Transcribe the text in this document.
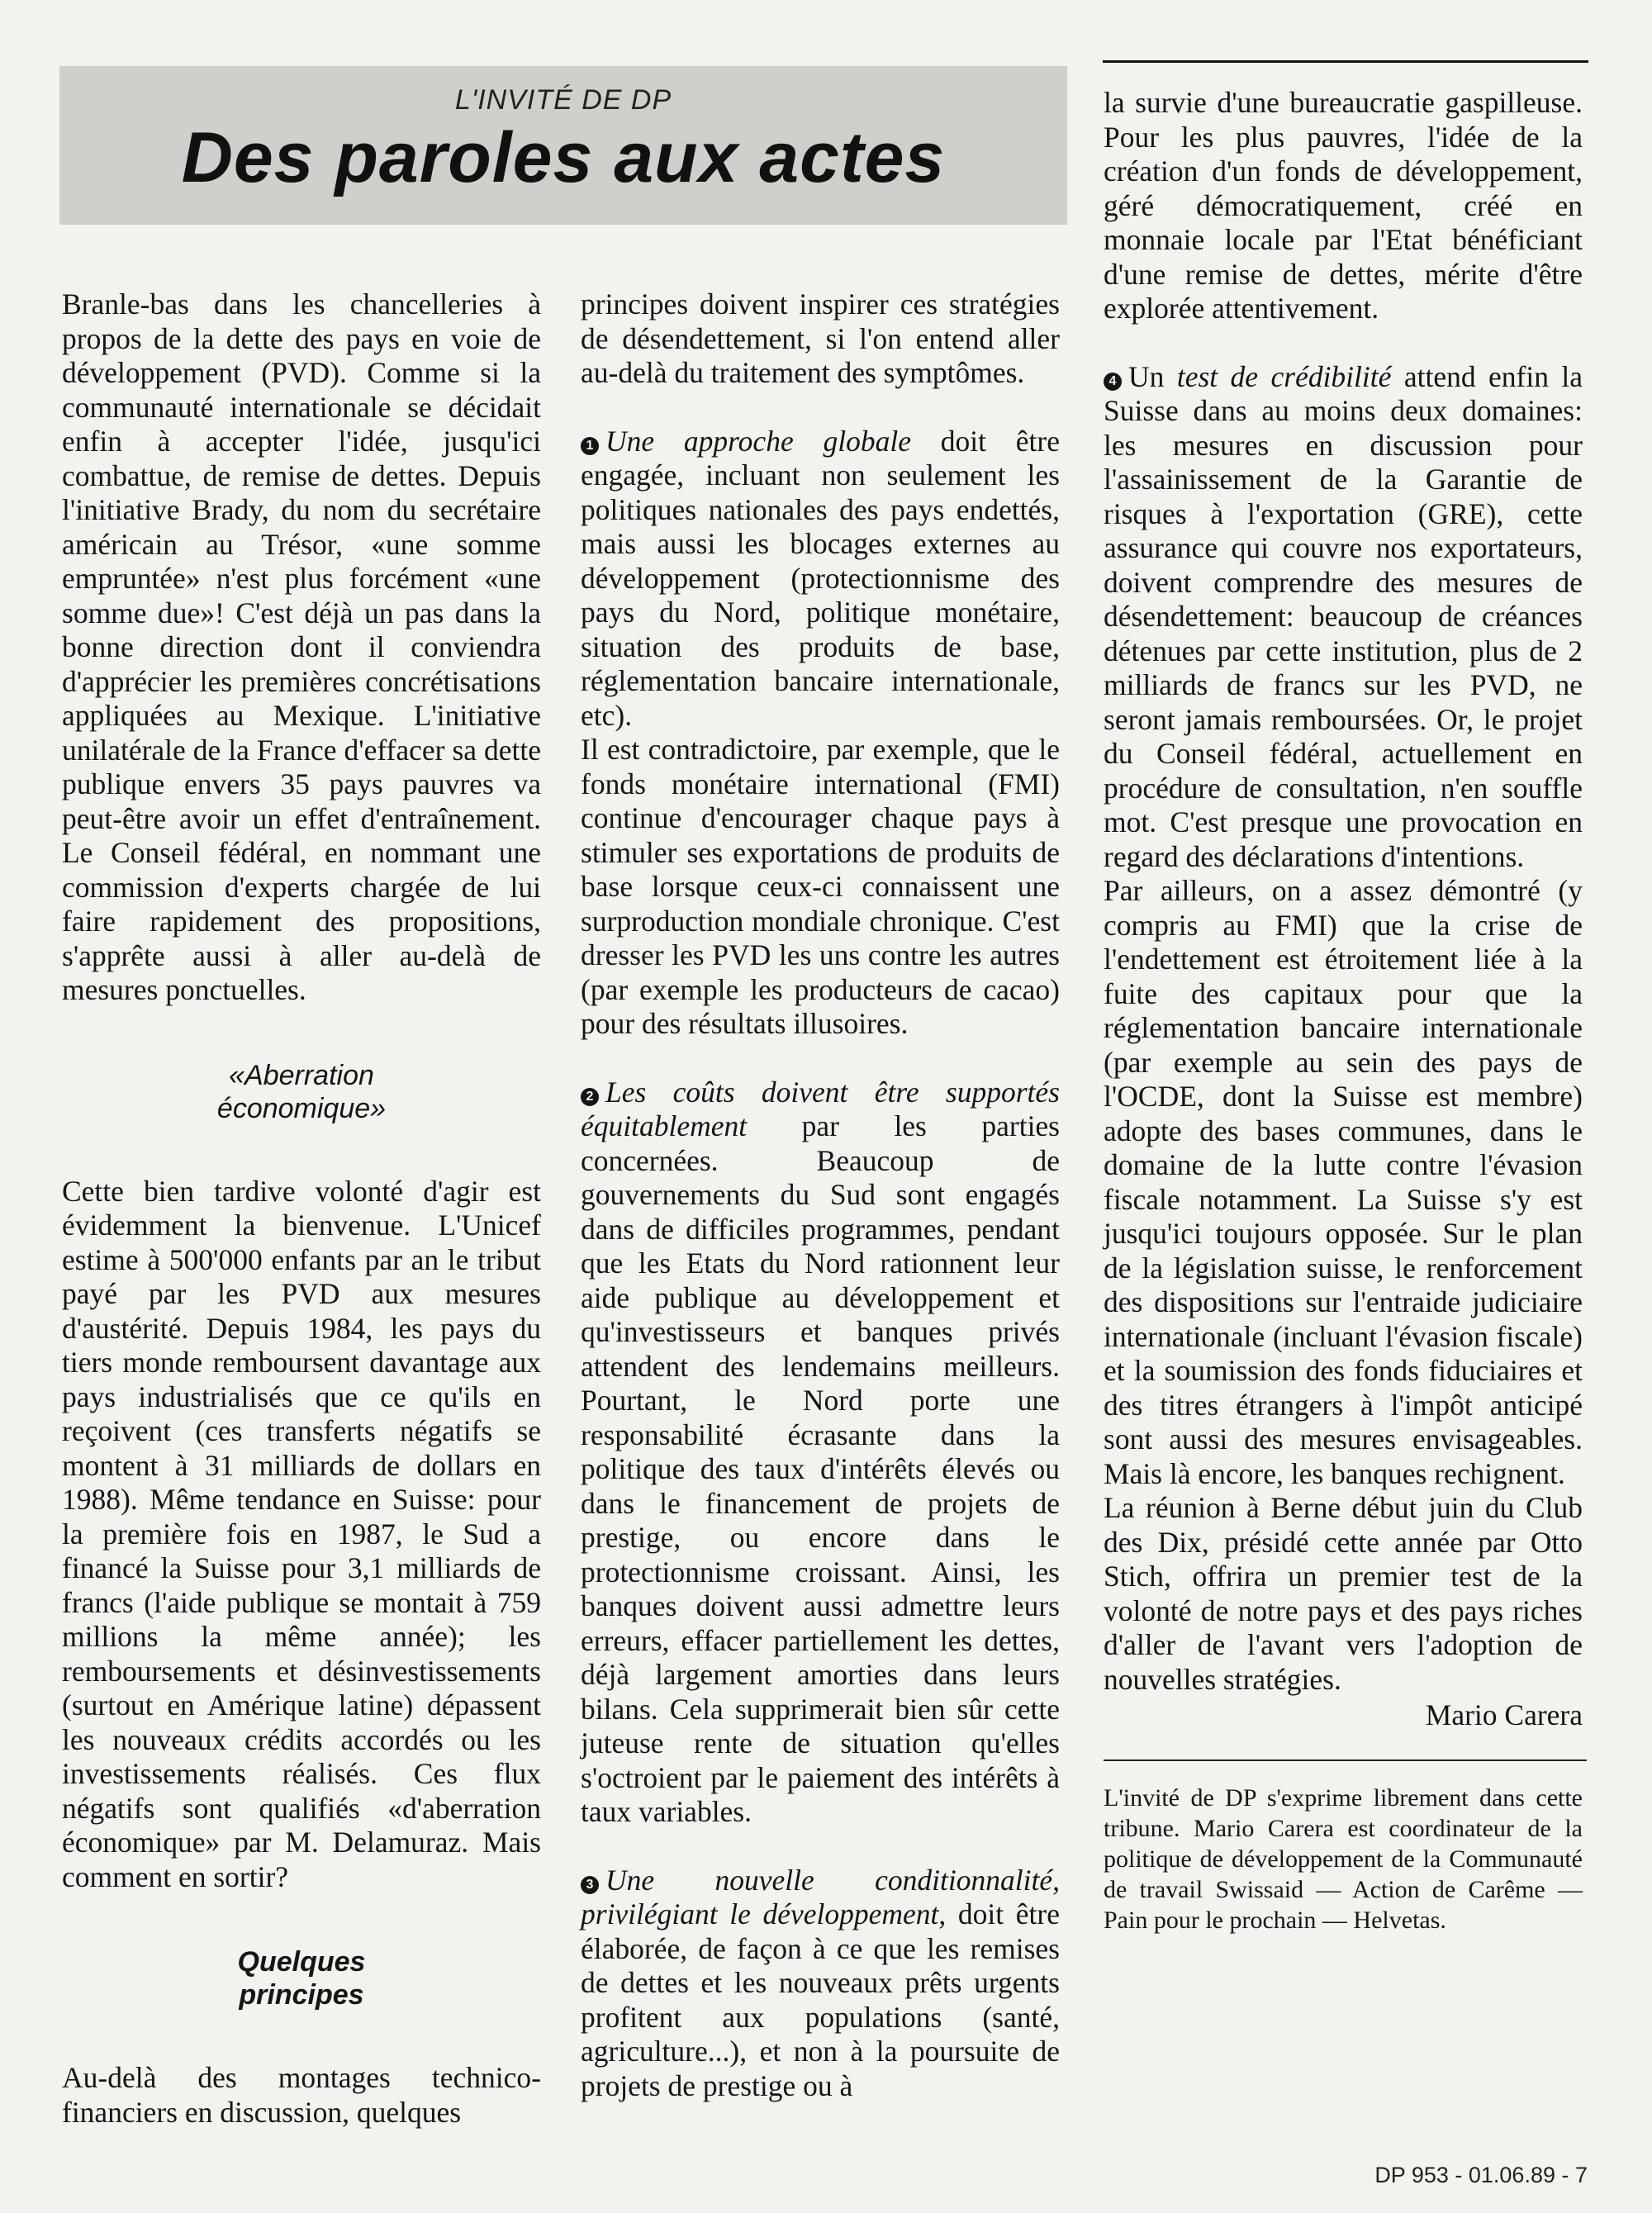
L'INVITÉ DE DP
Des paroles aux actes

Branle-bas dans les chancelleries à propos de la dette des pays en voie de développement (PVD). Comme si la communauté internationale se décidait enfin à accepter l'idée, jusqu'ici combattue, de remise de dettes. Depuis l'initiative Brady, du nom du secrétaire américain au Trésor, «une somme empruntée» n'est plus forcément «une somme due»! C'est déjà un pas dans la bonne direction dont il conviendra d'apprécier les premières concrétisations appliquées au Mexique. L'initiative unilatérale de la France d'effacer sa dette publique envers 35 pays pauvres va peut-être avoir un effet d'entraînement. Le Conseil fédéral, en nommant une commission d'experts chargée de lui faire rapidement des propositions, s'apprête aussi à aller au-delà de mesures ponctuelles.

«Aberration
économique»

Cette bien tardive volonté d'agir est évidemment la bienvenue. L'Unicef estime à 500'000 enfants par an le tribut payé par les PVD aux mesures d'austérité. Depuis 1984, les pays du tiers monde remboursent davantage aux pays industrialisés que ce qu'ils en reçoivent (ces transferts négatifs se montent à 31 milliards de dollars en 1988). Même tendance en Suisse: pour la première fois en 1987, le Sud a financé la Suisse pour 3,1 milliards de francs (l'aide publique se montait à 759 millions la même année); les remboursements et désinvestissements (surtout en Amérique latine) dépassent les nouveaux crédits accordés ou les investissements réalisés. Ces flux négatifs sont qualifiés «d'aberration économique» par M. Delamuraz. Mais comment en sortir?

Quelques
principes

Au-delà des montages technico-financiers en discussion, quelques

principes doivent inspirer ces stratégies de désendettement, si l'on entend aller au-delà du traitement des symptômes.

1 Une approche globale doit être engagée, incluant non seulement les politiques nationales des pays endettés, mais aussi les blocages externes au développement (protectionnisme des pays du Nord, politique monétaire, situation des produits de base, réglementation bancaire internationale, etc).

Il est contradictoire, par exemple, que le fonds monétaire international (FMI) continue d'encourager chaque pays à stimuler ses exportations de produits de base lorsque ceux-ci connaissent une surproduction mondiale chronique. C'est dresser les PVD les uns contre les autres (par exemple les producteurs de cacao) pour des résultats illusoires.

2 Les coûts doivent être supportés équitablement par les parties concernées. Beaucoup de gouvernements du Sud sont engagés dans de difficiles programmes, pendant que les Etats du Nord rationnent leur aide publique au développement et qu'investisseurs et banques privés attendent des lendemains meilleurs. Pourtant, le Nord porte une responsabilité écrasante dans la politique des taux d'intérêts élevés ou dans le financement de projets de prestige, ou encore dans le protectionnisme croissant. Ainsi, les banques doivent aussi admettre leurs erreurs, effacer partiellement les dettes, déjà largement amorties dans leurs bilans. Cela supprimerait bien sûr cette juteuse rente de situation qu'elles s'octroient par le paiement des intérêts à taux variables.

3 Une nouvelle conditionnalité, privilégiant le développement, doit être élaborée, de façon à ce que les remises de dettes et les nouveaux prêts urgents profitent aux populations (santé, agriculture...), et non à la poursuite de projets de prestige ou à

la survie d'une bureaucratie gaspilleuse. Pour les plus pauvres, l'idée de la création d'un fonds de développement, géré démocratiquement, créé en monnaie locale par l'Etat bénéficiant d'une remise de dettes, mérite d'être explorée attentivement.

4 Un test de crédibilité attend enfin la Suisse dans au moins deux domaines: les mesures en discussion pour l'assainissement de la Garantie de risques à l'exportation (GRE), cette assurance qui couvre nos exportateurs, doivent comprendre des mesures de désendettement: beaucoup de créances détenues par cette institution, plus de 2 milliards de francs sur les PVD, ne seront jamais remboursées. Or, le projet du Conseil fédéral, actuellement en procédure de consultation, n'en souffle mot. C'est presque une provocation en regard des déclarations d'intentions.

Par ailleurs, on a assez démontré (y compris au FMI) que la crise de l'endettement est étroitement liée à la fuite des capitaux pour que la réglementation bancaire internationale (par exemple au sein des pays de l'OCDE, dont la Suisse est membre) adopte des bases communes, dans le domaine de la lutte contre l'évasion fiscale notamment. La Suisse s'y est jusqu'ici toujours opposée. Sur le plan de la législation suisse, le renforcement des dispositions sur l'entraide judiciaire internationale (incluant l'évasion fiscale) et la soumission des fonds fiduciaires et des titres étrangers à l'impôt anticipé sont aussi des mesures envisageables. Mais là encore, les banques rechignent.

La réunion à Berne début juin du Club des Dix, présidé cette année par Otto Stich, offrira un premier test de la volonté de notre pays et des pays riches d'aller de l'avant vers l'adoption de nouvelles stratégies.

Mario Carera

L'invité de DP s'exprime librement dans cette tribune. Mario Carera est coordinateur de la politique de développement de la Communauté de travail Swissaid — Action de Carême — Pain pour le prochain — Helvetas.

DP 953 - 01.06.89 - 7
